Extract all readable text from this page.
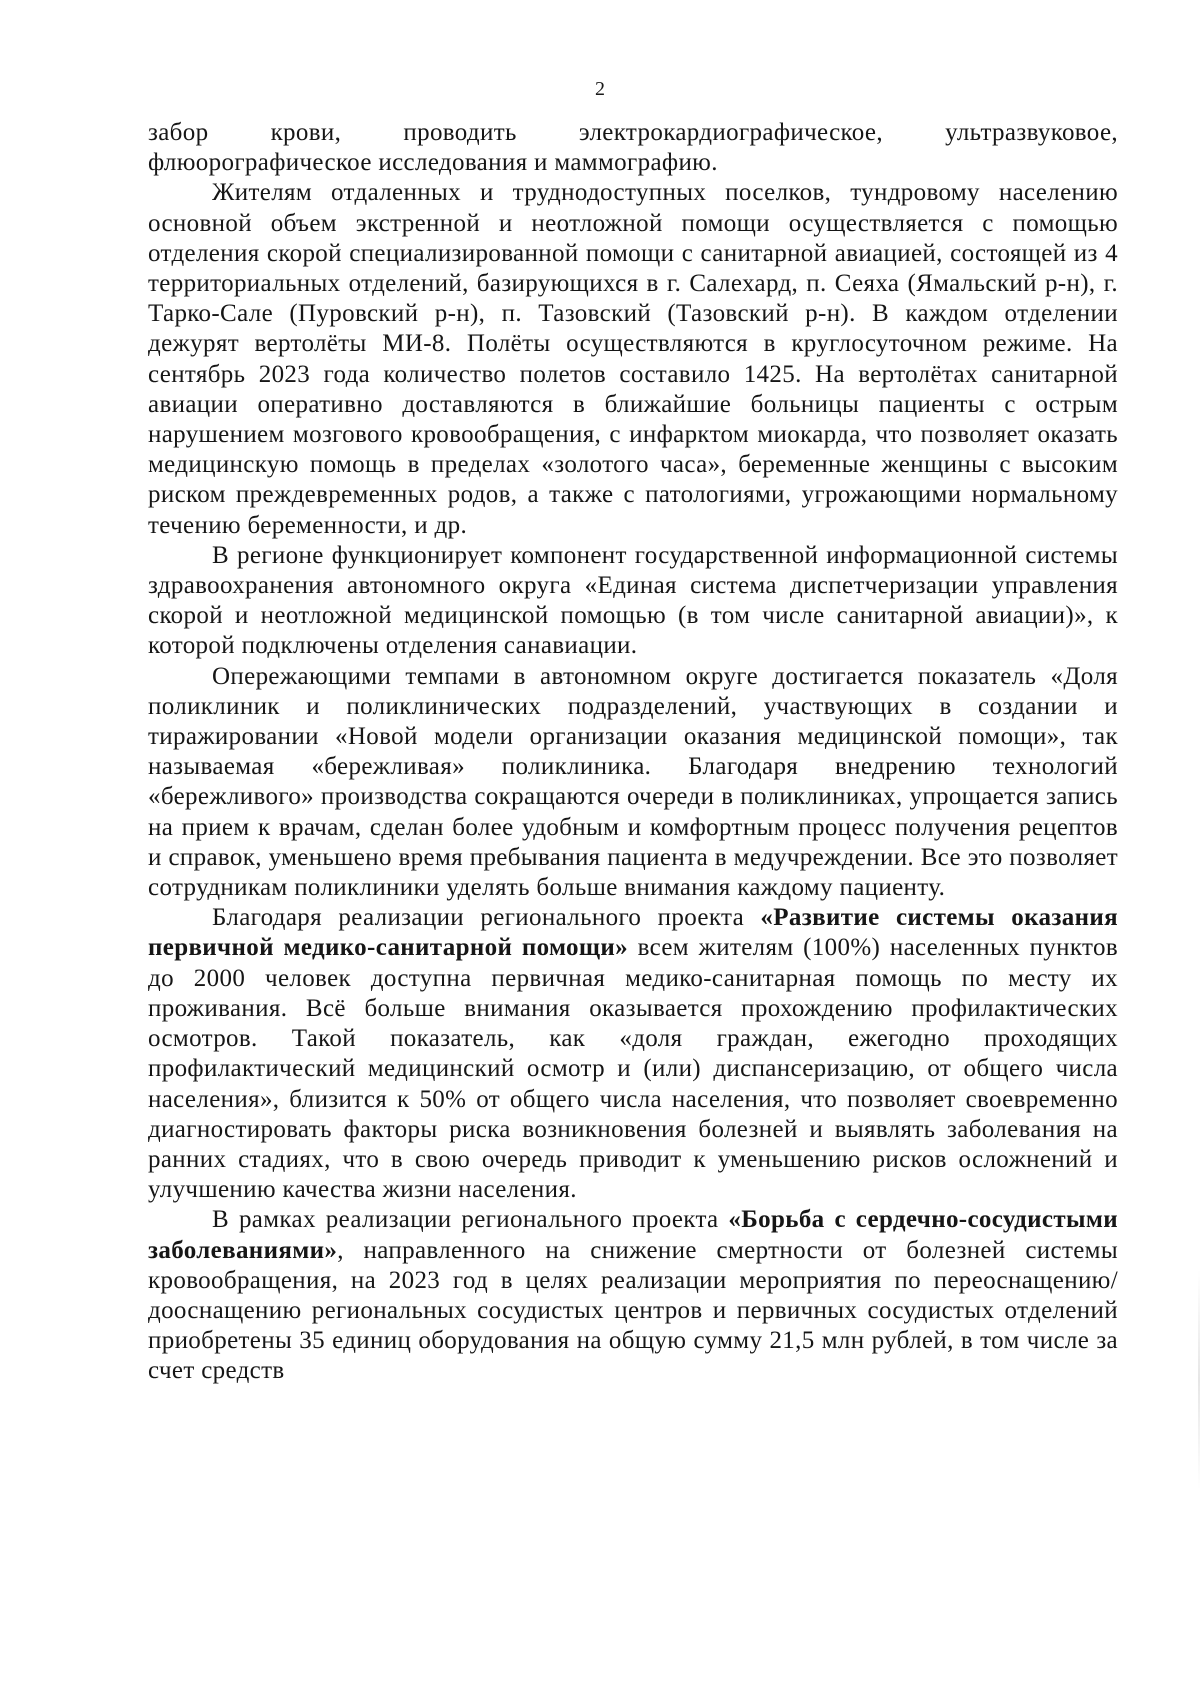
2

забор крови, проводить электрокардиографическое, ультразвуковое, флюорографическое исследования и маммографию.

Жителям отдаленных и труднодоступных поселков, тундровому населению основной объем экстренной и неотложной помощи осуществляется с помощью отделения скорой специализированной помощи с санитарной авиацией, состоящей из 4 территориальных отделений, базирующихся в г. Салехард, п. Сеяха (Ямальский р-н), г. Тарко-Сале (Пуровский р-н), п. Тазовский (Тазовский р-н). В каждом отделении дежурят вертолёты МИ-8. Полёты осуществляются в круглосуточном режиме. На сентябрь 2023 года количество полетов составило 1425. На вертолётах санитарной авиации оперативно доставляются в ближайшие больницы пациенты с острым нарушением мозгового кровообращения, с инфарктом миокарда, что позволяет оказать медицинскую помощь в пределах «золотого часа», беременные женщины с высоким риском преждевременных родов, а также с патологиями, угрожающими нормальному течению беременности, и др.

В регионе функционирует компонент государственной информационной системы здравоохранения автономного округа «Единая система диспетчеризации управления скорой и неотложной медицинской помощью (в том числе санитарной авиации)», к которой подключены отделения санавиации.

Опережающими темпами в автономном округе достигается показатель «Доля поликлиник и поликлинических подразделений, участвующих в создании и тиражировании «Новой модели организации оказания медицинской помощи», так называемая «бережливая» поликлиника. Благодаря внедрению технологий «бережливого» производства сокращаются очереди в поликлиниках, упрощается запись на прием к врачам, сделан более удобным и комфортным процесс получения рецептов и справок, уменьшено время пребывания пациента в медучреждении. Все это позволяет сотрудникам поликлиники уделять больше внимания каждому пациенту.

Благодаря реализации регионального проекта «Развитие системы оказания первичной медико-санитарной помощи» всем жителям (100%) населенных пунктов до 2000 человек доступна первичная медико-санитарная помощь по месту их проживания. Всё больше внимания оказывается прохождению профилактических осмотров. Такой показатель, как «доля граждан, ежегодно проходящих профилактический медицинский осмотр и (или) диспансеризацию, от общего числа населения», близится к 50% от общего числа населения, что позволяет своевременно диагностировать факторы риска возникновения болезней и выявлять заболевания на ранних стадиях, что в свою очередь приводит к уменьшению рисков осложнений и улучшению качества жизни населения.

В рамках реализации регионального проекта «Борьба с сердечно-сосудистыми заболеваниями», направленного на снижение смертности от болезней системы кровообращения, на 2023 год в целях реализации мероприятия по переоснащению/дооснащению региональных сосудистых центров и первичных сосудистых отделений приобретены 35 единиц оборудования на общую сумму 21,5 млн рублей, в том числе за счет средств
